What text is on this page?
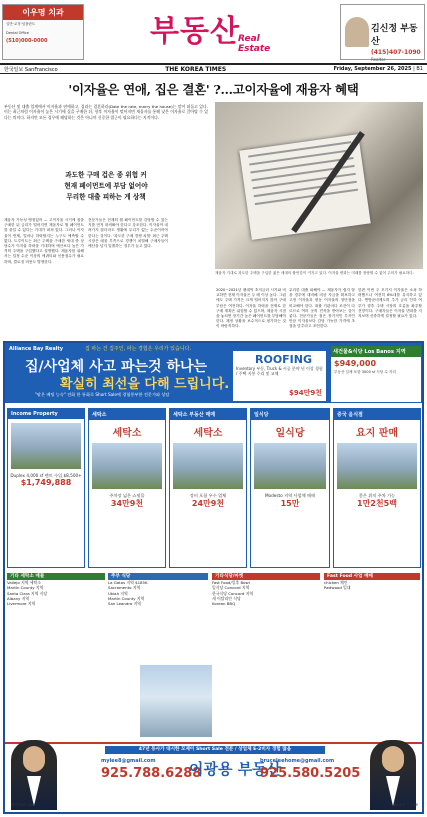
이우명 치과
일반·교정·임플란트
Dental Office
(510)000-0000	부동산
Real Estate
김신정 부동산
(415)407-1090
Realtor
한국일보 SanFrancisco	THE KOREA TIMES	Friday, September 26, 2025 | B1
'이자율은 연애, 집은 결혼' ?…고이자율에 재융자 혜택
부동산 및 대출 업계에서 이자율과 연애하고, 집과는 결혼하라(Date the rate, marry the house)는 말이 떠돌고 있다. 이는 최근처럼 이자율이 높은 시기에 집을 구매한 뒤, 향후 이자율이 떨어지면 재융자를 통해 낮은 이자율로 갈아탈 수 있다는 의미다. 하지만 모든 경우에 해당하는 것은 아니며 신중한 접근이 필요하다는 지적이다.
재융자 기대로 과도한 주택을 구입한 젊은 세대의 불안감이 커지고 있다. 이자율 변화는 미래를 장담할 수 없어 주의가 필요하다.
과도한 구매 겁은 종 위험 커
현재 페이먼트에 부담 없어야
무리한 대출 피하는 게 상책
재융자 가능성 맹점있어 — 고이자율 시기에 집을 구매한 뒤 금리가 떨어지면 재융자로 월 페이먼트를 줄일 수 있다는 기대가 퍼져 있다. 그러나 이자율이 언제, 얼마나 하락할지는 누구도 예측할 수 없다. 트루이트는 최근 주택을 구매한 세대 중 상당수가 이자율 하락을 기대하며 예산보다 높은 가격의 주택을 구입했다고 설명했다. 재융자를 위해서는 일정 수준 이상의 에퀴티와 신용점수가 필요하며, 클로징 비용도 발생한다.
전문가들은 현재의 월 페이먼트를 감당할 수 있는지를 먼저 따져봐야 한다고 강조한다. 이자율이 내려가지 않더라도 생활에 무리가 없는 수준이어야 한다는 것이다. '과도한 구매 경쟁 치열' 최근 주택 시장은 매물 부족으로 경쟁이 치열해 구매자들이 예산을 넘겨 입찰하는 경우가 늘고 있다.
2020~2021년 팬데믹 초저금리 시기와 비교하면 현재 이자율은 두 배 이상 높다. 그럼에도 주택 가격은 크게 떨어지지 않아 구매 부담은 여전하다. 이자율 하락을 전제로 한 구매 계획은 위험할 수 있으며, 재융자 시점을 놓치면 장기간 높은 페이먼트를 부담해야 한다. 재정 상황을 보수적으로 평가하는 것이 바람직하다.
무리한 대출 피해야 — 재융자가 쉽지 않을 경우에 대비해 비상 자금을 확보하고 고정 이자율과 변동 이자율의 장단점을 비교해야 한다. 대출 기관마다 조건이 다르므로 여러 곳의 견적을 받아보는 것이 좋다. 전문가들은 집은 장기적인 투자인 만큼 이자율보다 감당 가능한 가격에 초점을 맞추라고 조언한다.
한편 이번 주 모기지 이자율은 소폭 하락했으나 여전히 6%대를 유지하고 있다. 연방준비제도의 추가 금리 인하 여부가 향후 주택 시장의 흐름을 좌우할 전망이다. 구매자들은 이자율 변화를 지켜보며 신중하게 결정할 필요가 있다.
Alliance Bay Realty	집 파는 건 집주인, 파는 경험은 우리가 있습니다.
집/사업체 사고 파는것 하나는
확실히 최선을 다해 드립니다.
"팔은 베팅 능숙" 전화 한 통화로 Short Sale에 경험풍부한 전문가와 상담
ROOFING
Inventory 부동, Truck & 시공 분야 년 이상 경험 / 주택 지붕 수리 및 교체
$94만9천
새건물&식당 Los Banos 지역
$949,000
부동산 일체 포함 3000 sf 식당 수 자리
Income Property
Duplex 4,000 sf 렌트 수입 $8,500+
$1,749,888
세탁소
세탁소
주차장 넓은 쇼핑몰
34만9천
세탁소 부동산 매매
세탁소
장비 포함 우수 업체
24만9천
일식당
일식당
Modesto 지역 사업체 매매
15만
중국 음식점
요지 판매
좋은 위치 주차 가능
1만2천5백
기타 세탁소 매물
Vallejo 지역 세탁소
Martin County 지역
Santa Clara 지역 식당
Albany 지역
Livermore 지역
주부 식당
La Gatos 지역 $185K
Sacramento 지역
Ukiah 지역
Martin County 지역
San Leandro 지역
기타식당/마켓
Fast Food/일후 Bowl
일식당 Concord 지역
한국식당 Concord 지역
새 이탈리안 식당
Korean BBQ
Fast Food 사업 매매
chicken 체인
Redwood 일대
47년 동사가 대시한 모제이 Short Sale 전문 / 상업체 E-2비자 경험 많음
mylee8@gmail.com
925.788.6288
이광용 부동산
bruceleehome@gmail.com
925.580.5205
Michael Lee	Bruce Y. Lee
